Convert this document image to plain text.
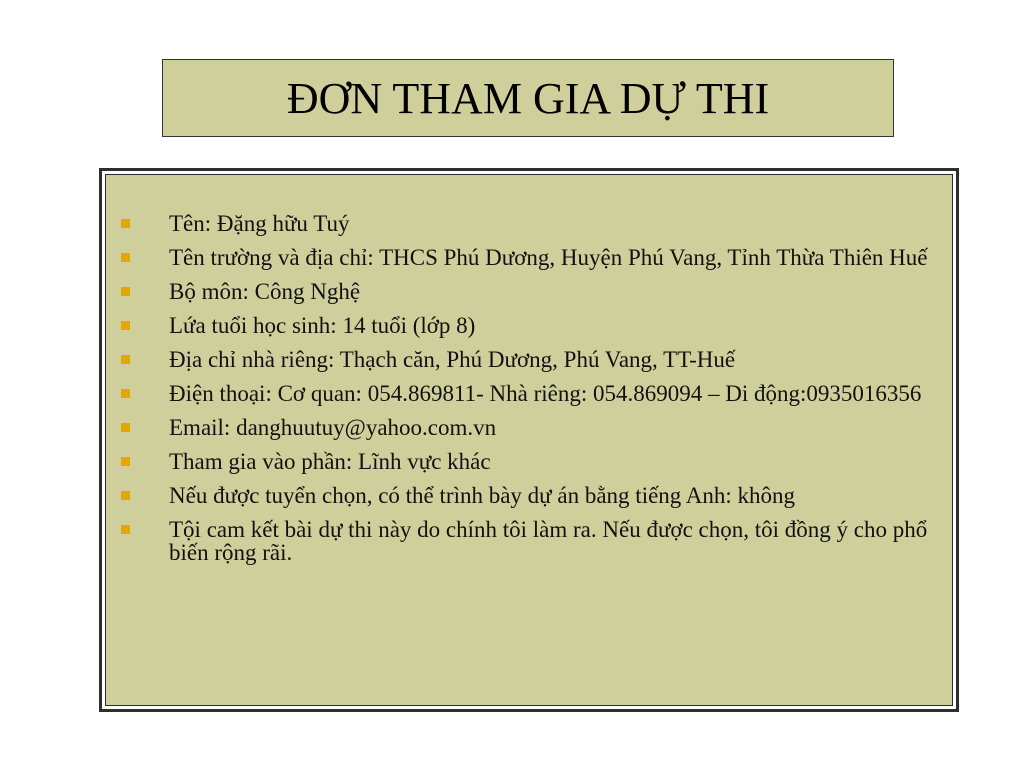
ĐƠN THAM GIA DỰ THI
Tên: Đặng hữu Tuý
Tên trường và địa chỉ: THCS Phú Dương, Huyện Phú Vang, Tỉnh Thừa Thiên Huế
Bộ môn: Công Nghệ
Lứa tuổi học sinh: 14 tuổi (lớp 8)
Địa chỉ nhà riêng: Thạch căn, Phú Dương, Phú Vang, TT-Huế
Điện thoại: Cơ quan: 054.869811- Nhà riêng: 054.869094 – Di động:0935016356
Email: danghuutuy@yahoo.com.vn
Tham gia vào phần: Lĩnh vực khác
Nếu được tuyển chọn, có thể trình bày dự án bằng tiếng Anh: không
Tội cam kết bài dự thi này do chính tôi làm ra. Nếu được chọn, tôi đồng ý cho phổ biến rộng rãi.
